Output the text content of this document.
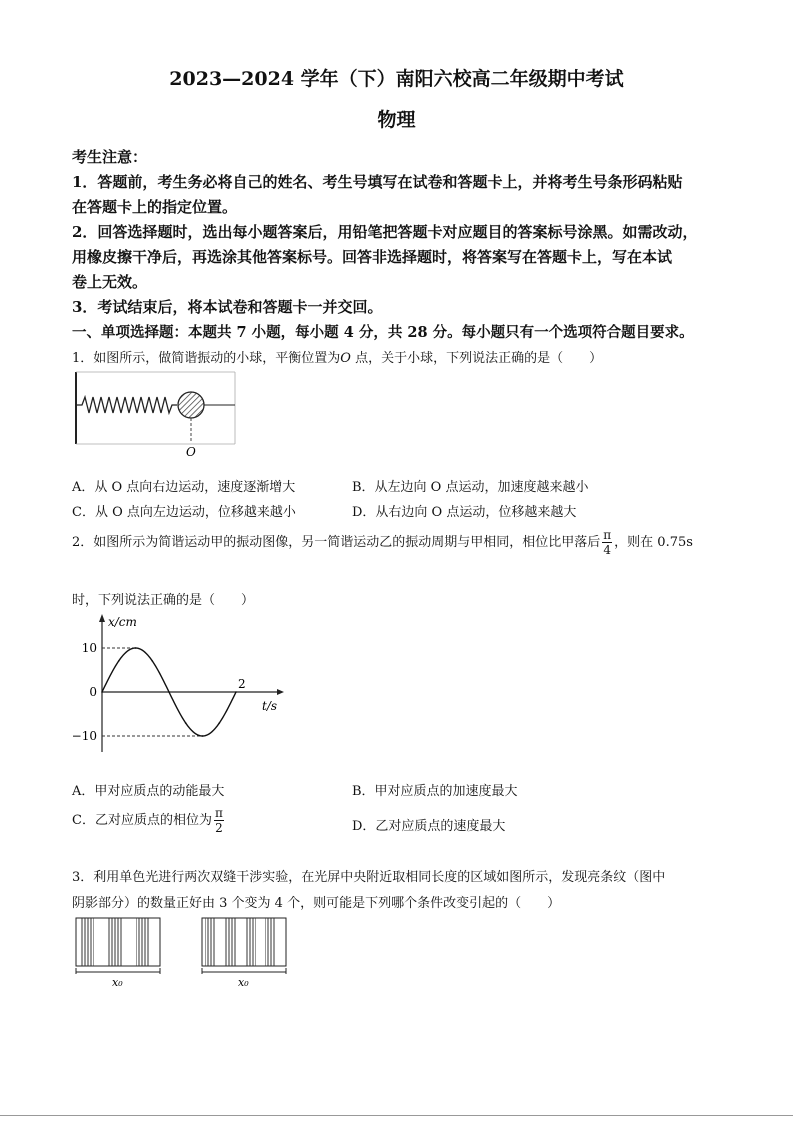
2023—2024 学年（下）南阳六校高二年级期中考试
物理
考生注意：
1．答题前，考生务必将自己的姓名、考生号填写在试卷和答题卡上，并将考生号条形码粘贴
在答题卡上的指定位置。
2．回答选择题时，选出每小题答案后，用铅笔把答题卡对应题目的答案标号涂黑。如需改动，
用橡皮擦干净后，再选涂其他答案标号。回答非选择题时，将答案写在答题卡上，写在本试
卷上无效。
3．考试结束后，将本试卷和答题卡一并交回。
一、单项选择题：本题共 7 小题，每小题 4 分，共 28 分。每小题只有一个选项符合题目要求。
1．如图所示，做简谐振动的小球，平衡位置为O 点，关于小球，下列说法正确的是（　　）
O
A．从 O 点向右边运动，速度逐渐增大	B．从左边向 O 点运动，加速度越来越小
C．从 O 点向左边运动，位移越来越小	D．从右边向 O 点运动，位移越来越大
2．如图所示为简谐运动甲的振动图像，另一简谐运动乙的振动周期与甲相同，相位比甲落后 $\frac{\pi}{4}$ ，则在 0.75s
时，下列说法正确的是（　　）
x/cm
t/s
10
0
−10
2
A．甲对应质点的动能最大	B．甲对应质点的加速度最大
C．乙对应质点的相位为 $\frac{\pi}{2}$	D．乙对应质点的速度最大
3．利用单色光进行两次双缝干涉实验，在光屏中央附近取相同长度的区域如图所示，发现亮条纹（图中
阴影部分）的数量正好由 3 个变为 4 个，则可能是下列哪个条件改变引起的（　　）
x₀	x₀
